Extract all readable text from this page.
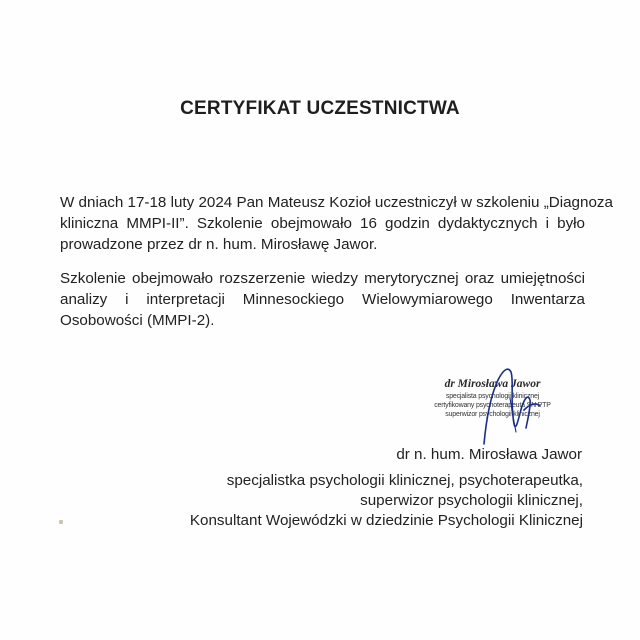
CERTYFIKAT UCZESTNICTWA
W dniach 17-18 luty 2024 Pan Mateusz Kozioł uczestniczył w szkoleniu „Diagnoza
kliniczna MMPI-II”. Szkolenie obejmowało 16 godzin dydaktycznych i było
prowadzone przez dr n. hum. Mirosławę Jawor.
Szkolenie obejmowało rozszerzenie wiedzy merytorycznej oraz umiejętności
analizy i interpretacji Minnesockiego Wielowymiarowego Inwentarza
Osobowości (MMPI-2).
dr Mirosława Jawor
specjalista psychologii klinicznej
certyfikowany psychoterapeuta SN PTP
superwizor psychologii klinicznej
dr n. hum. Mirosława Jawor
specjalistka psychologii klinicznej, psychoterapeutka,
superwizor psychologii klinicznej,
Konsultant Wojewódzki w dziedzinie Psychologii Klinicznej
